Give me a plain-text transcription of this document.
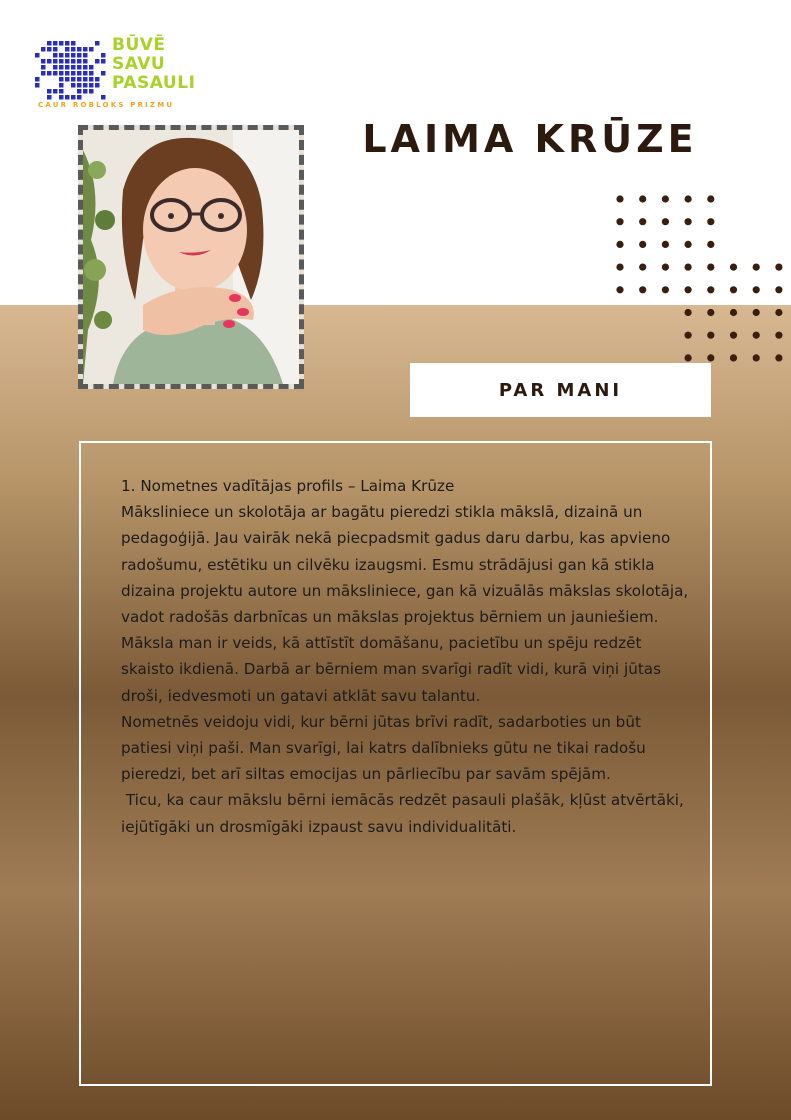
BŪVĒ
SAVU
PASAULI
CAUR ROBLOKS PRIZMU
LAIMA KRŪZE
PAR MANI

1. Nometnes vadītājas profils – Laima Krūze

Māksliniece un skolotāja ar bagātu pieredzi stikla mākslā, dizainā un pedagoģijā. Jau vairāk nekā piecpadsmit gadus daru darbu, kas apvieno radošumu, estētiku un cilvēku izaugsmi. Esmu strādājusi gan kā stikla dizaina projektu autore un māksliniece, gan kā vizuālās mākslas skolotāja, vadot radošās darbnīcas un mākslas projektus bērniem un jauniešiem.

Māksla man ir veids, kā attīstīt domāšanu, pacietību un spēju redzēt skaisto ikdienā. Darbā ar bērniem man svarīgi radīt vidi, kurā viņi jūtas droši, iedvesmoti un gatavi atklāt savu talantu.

Nometnēs veidoju vidi, kur bērni jūtas brīvi radīt, sadarboties un būt patiesi viņi paši. Man svarīgi, lai katrs dalībnieks gūtu ne tikai radošu pieredzi, bet arī siltas emocijas un pārliecību par savām spējām.

Ticu, ka caur mākslu bērni iemācās redzēt pasauli plašāk, kļūst atvērtāki, iejūtīgāki un drosmīgāki izpaust savu individualitāti.
